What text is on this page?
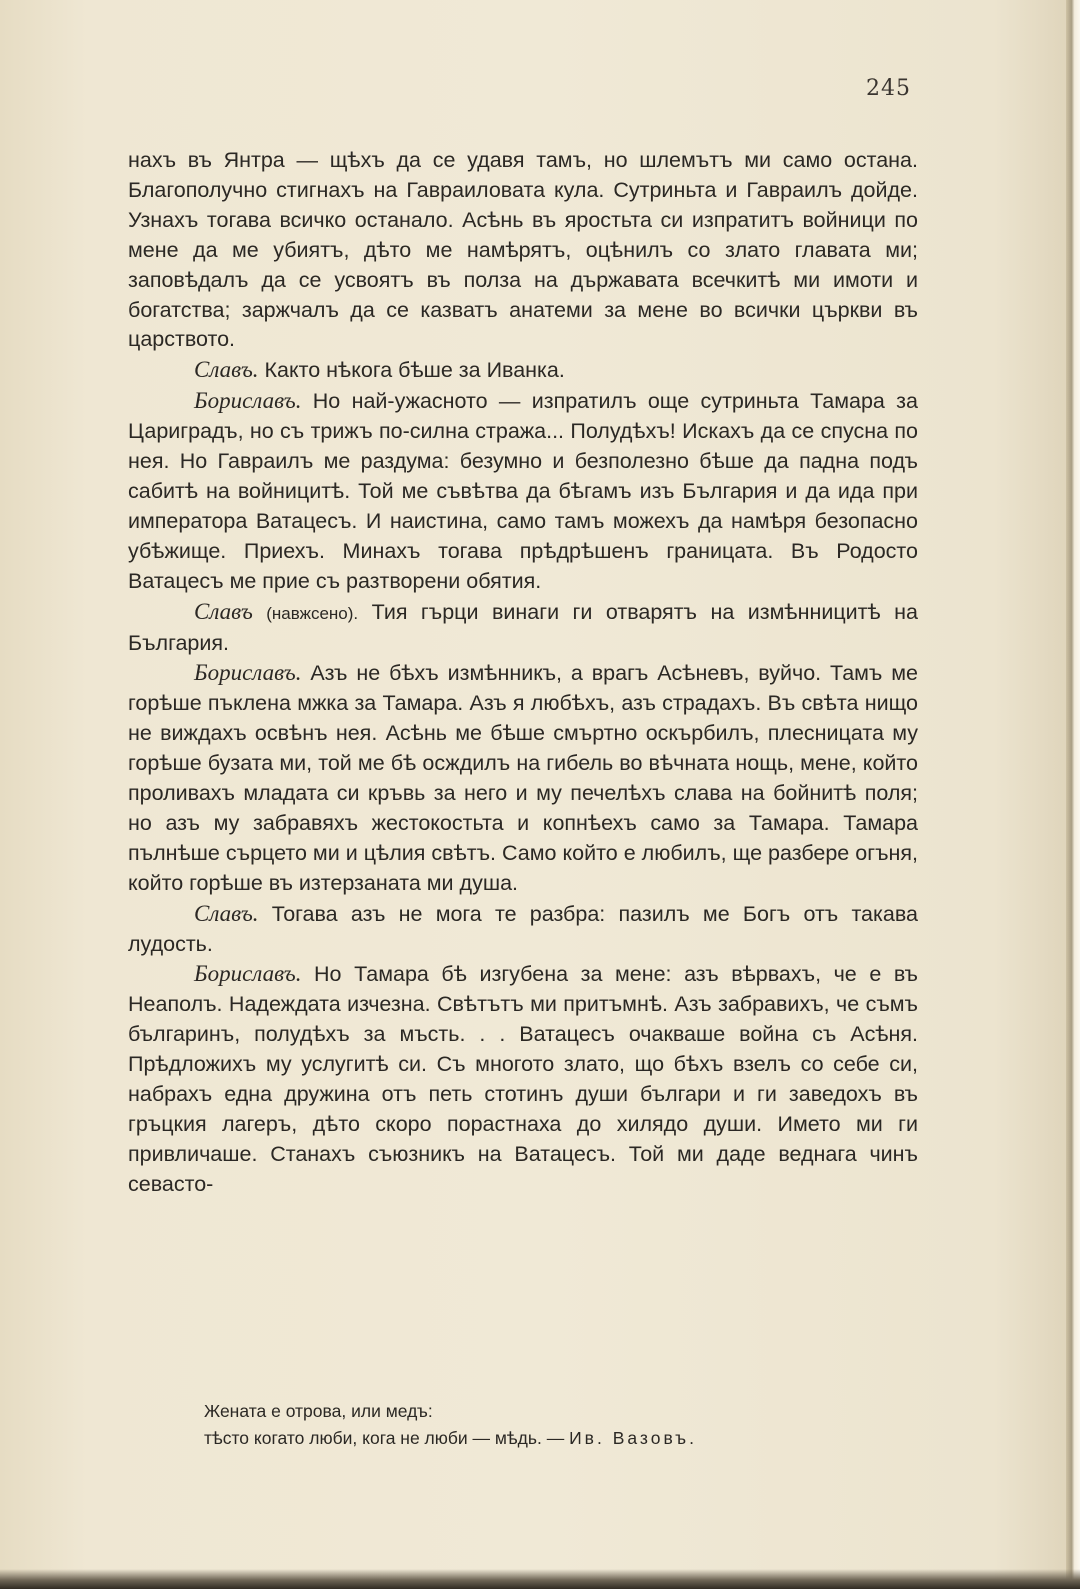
245

нахъ въ Янтра — щѣхъ да се удавя тамъ, но шлемътъ ми само остана. Благополучно стигнахъ на Гавраиловата кула. Сутриньта и Гавраилъ дойде. Узнахъ тогава всичко останало. Асѣнь въ яростьта си изпратитъ войници по мене да ме убиятъ, дѣто ме намѣрятъ, оцѣнилъ со злато главата ми; заповѣдалъ да се усвоятъ въ полза на държавата всечкитѣ ми имоти и богатства; заржчалъ да се казватъ анатеми за мене во всички църкви въ царството.

Славъ. Както нѣкога бѣше за Иванка.

Бориславъ. Но най-ужасното — изпратилъ още сутриньта Тамара за Цариградъ, но съ трижъ по-силна стража... Полудѣхъ! Искахъ да се спусна по нея. Но Гавраилъ ме раздума: безумно и безполезно бѣше да падна подъ сабитѣ на войницитѣ. Той ме съвѣтва да бѣгамъ изъ България и да ида при императора Ватацесъ. И наистина, само тамъ можехъ да намѣря безопасно убѣжище. Приехъ. Минахъ тогава прѣдрѣшенъ границата. Въ Родосто Ватацесъ ме прие съ разтворени обятия.

Славъ (навжсено). Тия гърци винаги ги отварятъ на измѣнницитѣ на България.

Бориславъ. Азъ не бѣхъ измѣнникъ, а врагъ Асѣневъ, вуйчо. Тамъ ме горѣше пъклена мжка за Тамара. Азъ я любѣхъ, азъ страдахъ. Въ свѣта нищо не виждахъ освѣнъ нея. Асѣнь ме бѣше смъртно оскърбилъ, плесницата му горѣше бузата ми, той ме бѣ осждилъ на гибель во вѣчната нощь, мене, който проливахъ младата си кръвь за него и му печелѣхъ слава на бойнитѣ поля; но азъ му забравяхъ жестокостьта и копнѣехъ само за Тамара. Тамара пълнѣше сърцето ми и цѣлия свѣтъ. Само който е любилъ, ще разбере огъня, който горѣше въ изтерзаната ми душа.

Славъ. Тогава азъ не мога те разбра: пазилъ ме Богъ отъ такава лудость.

Бориславъ. Но Тамара бѣ изгубена за мене: азъ вѣрвахъ, че е въ Неаполъ. Надеждата изчезна. Свѣтътъ ми притъмнѣ. Азъ забравихъ, че съмъ българинъ, полудѣхъ за мъсть. . . Ватацесъ очакваше война съ Асѣня. Прѣдложихъ му услугитѣ си. Съ многото злато, що бѣхъ взелъ со себе си, набрахъ една дружина отъ петь стотинъ души българи и ги заведохъ въ гръцкия лагеръ, дѣто скоро порастнаха до хилядо души. Името ми ги привличаше. Станахъ съюзникъ на Ватацесъ. Той ми даде веднага чинъ севасто-

Жената е отрова, или медъ:

тѣсто когато люби, кога не люби — мѣдь. — Ив. Вазовъ.
